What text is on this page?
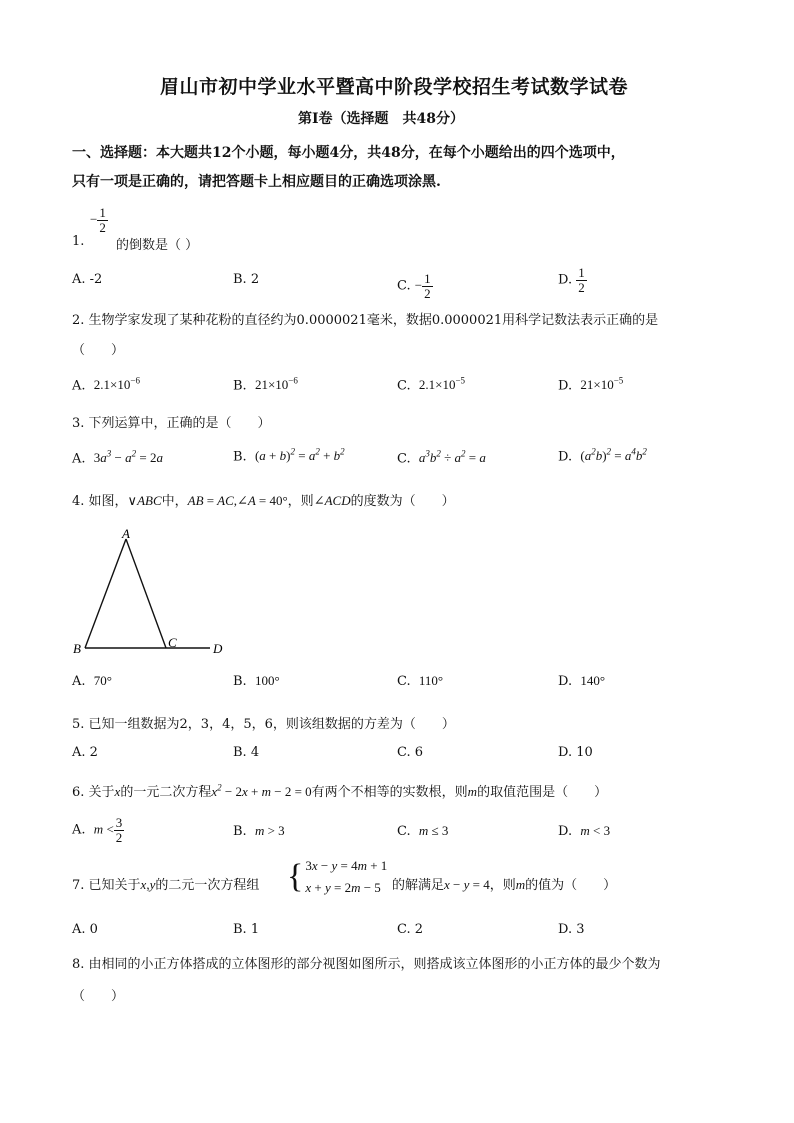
眉山市初中学业水平暨高中阶段学校招生考试数学试卷
第Ⅰ卷（选择题　共48分）
一、选择题：本大题共12个小题，每小题4分，共48分，在每个小题给出的四个选项中，
只有一项是正确的，请把答题卡上相应题目的正确选项涂黑.
− $\frac{1}{2}$
1. 的倒数是（ ）
A. -2	B. 2	C. − $\frac{1}{2}$	D. $\frac{1}{2}$
2. 生物学家发现了某种花粉的直径约为0.0000021毫米，数据0.0000021用科学记数法表示正确的是
（　　）
A. $2.1\times 10^{-6}$	B. $21\times 10^{-6}$	C. $2.1\times 10^{-5}$	D. $21\times 10^{-5}$
3. 下列运算中，正确的是（　　）
A. $3a^3 - a^2 = 2a$	B. $(a + b)^2 = a^2 + b^2$	C. $a^3b^2 \div a^2 = a$	D. $(a^2b)^2 = a^4b^2$
4. 如图，∨ABC中，AB = AC,∠A = 40°，则∠ACD的度数为（　　）
A
B	C	D
A. 70°	B. 100°	C. 110°	D. 140°
5. 已知一组数据为2，3，4，5，6，则该组数据的方差为（　　）
A. 2	B. 4	C. 6	D. 10
6. 关于x的一元二次方程$x^2 - 2x + m - 2 = 0$有两个不相等的实数根，则m的取值范围是（　　）
A. $m < \frac{3}{2}$	B. m > 3	C. m ≤ 3	D. m < 3
7. 已知关于x,y的二元一次方程组 { 3x − y = 4m + 1
x + y = 2m − 5 的解满足x − y = 4，则m的值为（　　）
A. 0	B. 1	C. 2	D. 3
8. 由相同的小正方体搭成的立体图形的部分视图如图所示，则搭成该立体图形的小正方体的最少个数为
（　　）
